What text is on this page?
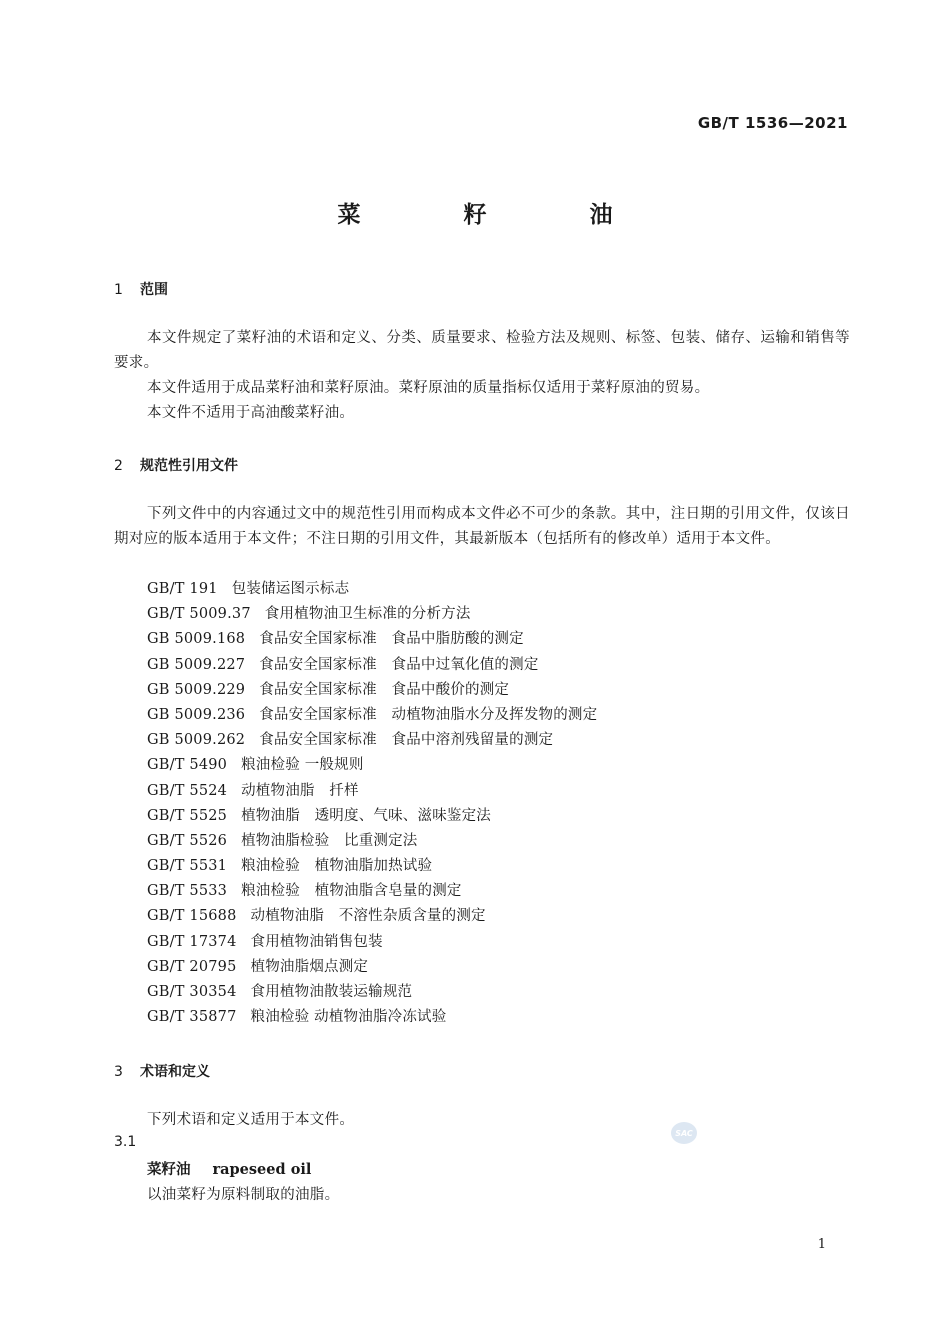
GB/T 1536—2021
菜　籽　油
1 范围
本文件规定了菜籽油的术语和定义、分类、质量要求、检验方法及规则、标签、包装、储存、运输和销售等要求。
本文件适用于成品菜籽油和菜籽原油。菜籽原油的质量指标仅适用于菜籽原油的贸易。
本文件不适用于高油酸菜籽油。
2 规范性引用文件
下列文件中的内容通过文中的规范性引用而构成本文件必不可少的条款。其中，注日期的引用文件，仅该日期对应的版本适用于本文件；不注日期的引用文件，其最新版本（包括所有的修改单）适用于本文件。
GB/T 191 包装储运图示标志
GB/T 5009.37 食用植物油卫生标准的分析方法
GB 5009.168 食品安全国家标准　食品中脂肪酸的测定
GB 5009.227 食品安全国家标准　食品中过氧化值的测定
GB 5009.229 食品安全国家标准　食品中酸价的测定
GB 5009.236 食品安全国家标准　动植物油脂水分及挥发物的测定
GB 5009.262 食品安全国家标准　食品中溶剂残留量的测定
GB/T 5490 粮油检验 一般规则
GB/T 5524 动植物油脂　扦样
GB/T 5525 植物油脂　透明度、气味、滋味鉴定法
GB/T 5526 植物油脂检验　比重测定法
GB/T 5531 粮油检验　植物油脂加热试验
GB/T 5533 粮油检验　植物油脂含皂量的测定
GB/T 15688 动植物油脂　不溶性杂质含量的测定
GB/T 17374 食用植物油销售包装
GB/T 20795 植物油脂烟点测定
GB/T 30354 食用植物油散装运输规范
GB/T 35877 粮油检验 动植物油脂冷冻试验
3 术语和定义
下列术语和定义适用于本文件。
3.1
菜籽油 rapeseed oil
以油菜籽为原料制取的油脂。
SAC
1
